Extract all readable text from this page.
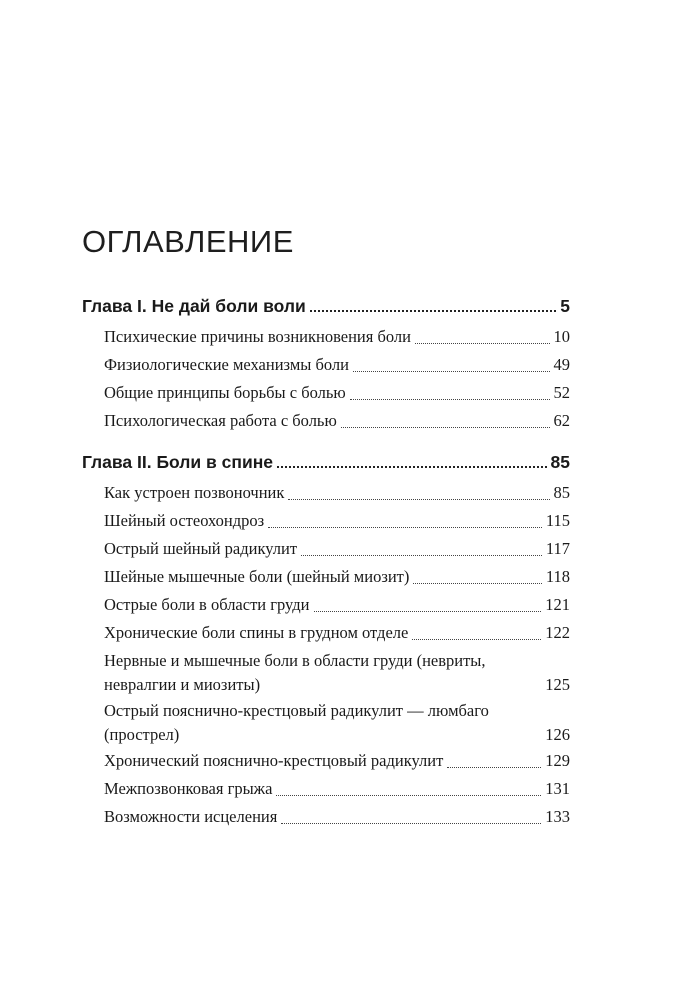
ОГЛАВЛЕНИЕ
Глава I. Не дай боли воли	5
Психические причины возникновения боли	10
Физиологические механизмы боли	49
Общие принципы борьбы с болью	52
Психологическая работа с болью	62
Глава II. Боли в спине	85
Как устроен позвоночник	85
Шейный остеохондроз	115
Острый шейный радикулит	117
Шейные мышечные боли (шейный миозит)	118
Острые боли в области груди	121
Хронические боли спины в грудном отделе	122
Нервные и мышечные боли в области груди (невриты,
невралгии и миозиты)	125
Острый пояснично-крестцовый радикулит — люмбаго
(прострел)	126
Хронический пояснично-крестцовый радикулит	129
Межпозвонковая грыжа	131
Возможности исцеления	133
